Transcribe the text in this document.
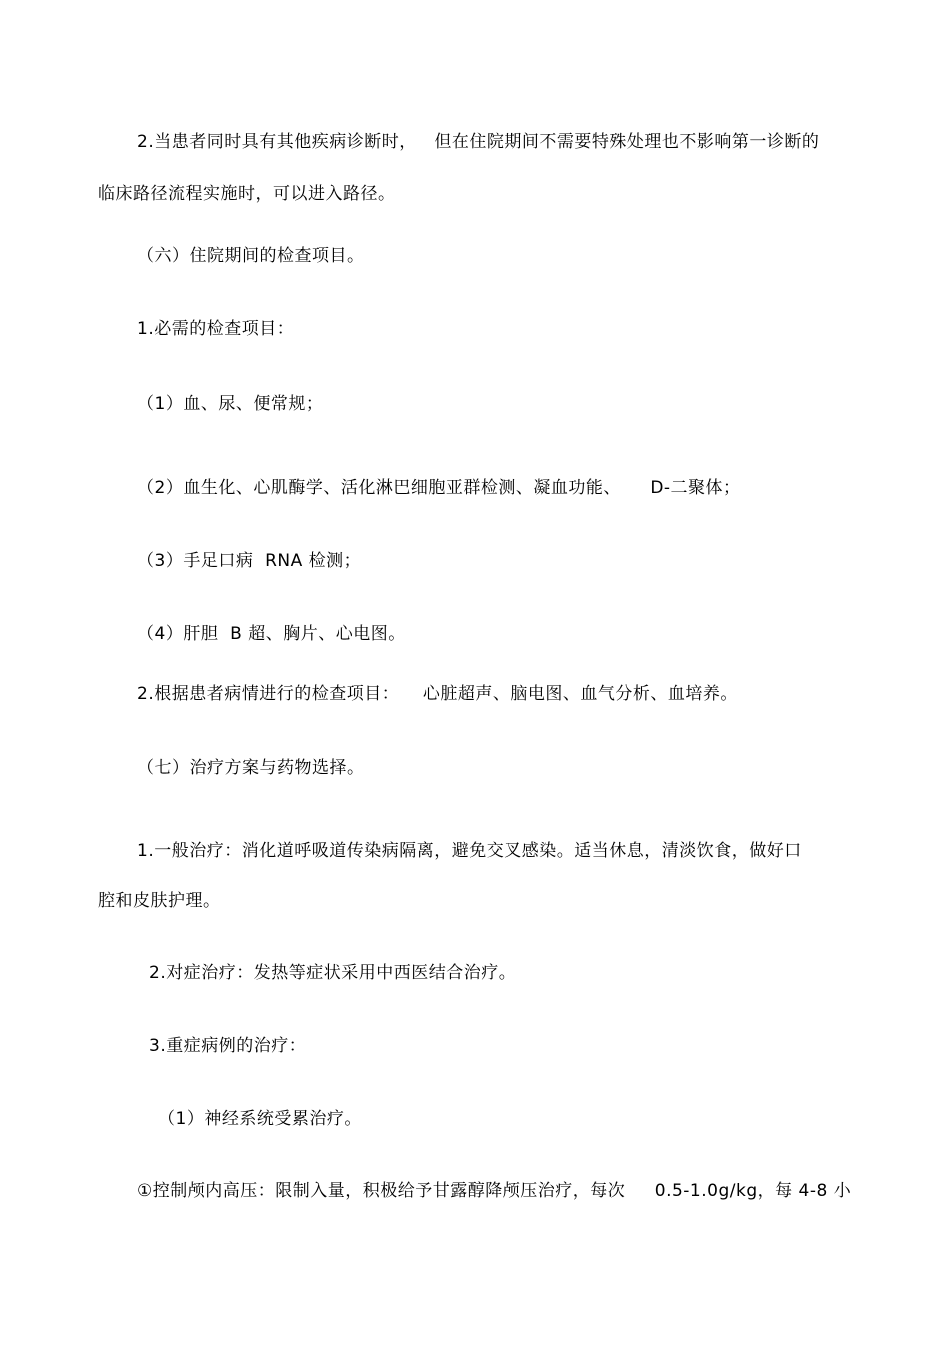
2.当患者同时具有其他疾病诊断时，   但在住院期间不需要特殊处理也不影响第一诊断的
临床路径流程实施时，可以进入路径。
（六）住院期间的检查项目。
1.必需的检查项目：
（1）血、尿、便常规；
（2）血生化、心肌酶学、活化淋巴细胞亚群检测、凝血功能、     D-二聚体；
（3）手足口病  RNA 检测；
（4）肝胆  B 超、胸片、心电图。
2.根据患者病情进行的检查项目：    心脏超声、脑电图、血气分析、血培养。
（七）治疗方案与药物选择。
1.一般治疗：消化道呼吸道传染病隔离，避免交叉感染。适当休息，清淡饮食，做好口
腔和皮肤护理。
2.对症治疗：发热等症状采用中西医结合治疗。
3.重症病例的治疗：
（1）神经系统受累治疗。
①控制颅内高压：限制入量，积极给予甘露醇降颅压治疗，每次     0.5-1.0g/kg，每 4-8 小
